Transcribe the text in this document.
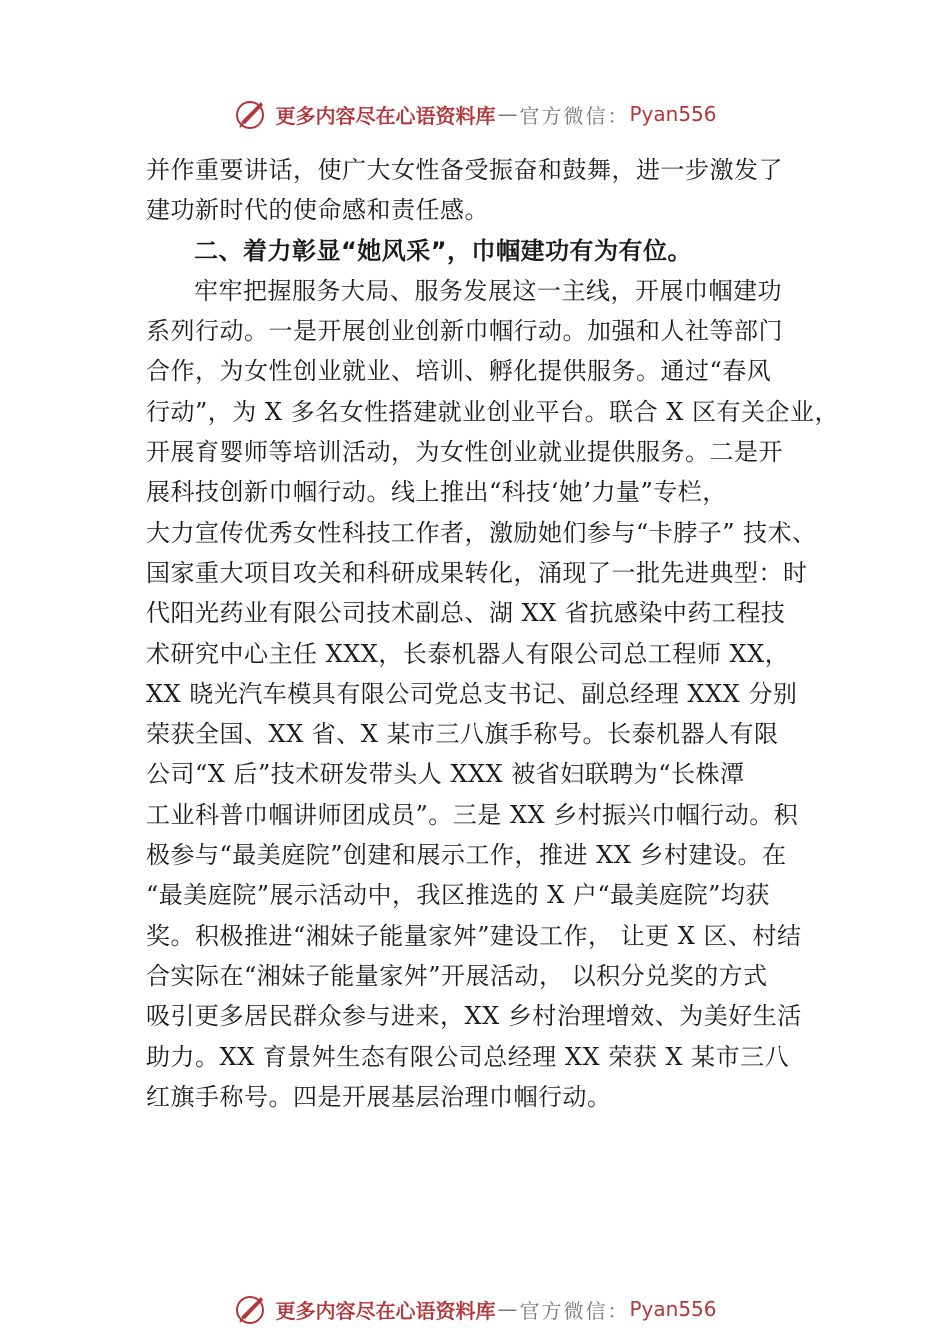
更多内容尽在心语资料库 — 官方微信： Pyan556
并作重要讲话，使广大女性备受振奋和鼓舞，进一步激发了
建功新时代的使命感和责任感。
二、着力彰显“她风采”，巾帼建功有为有位。
牢牢把握服务大局、服务发展这一主线，开展巾帼建功
系列行动。一是开展创业创新巾帼行动。加强和人社等部门
合作，为女性创业就业、培训、孵化提供服务。通过“春风
行动”，为 X 多名女性搭建就业创业平台。联合 X 区有关企业，
开展育婴师等培训活动，为女性创业就业提供服务。二是开
展科技创新巾帼行动。线上推出“科技‘她’力量”专栏，
大力宣传优秀女性科技工作者，激励她们参与“卡脖子” 技术、
国家重大项目攻关和科研成果转化，涌现了一批先进典型：时
代阳光药业有限公司技术副总、湖 XX 省抗感染中药工程技
术研究中心主任 XXX，长泰机器人有限公司总工程师 XX，
XX 晓光汽车模具有限公司党总支书记、副总经理 XXX 分别
荣获全国、XX 省、X 某市三八旗手称号。长泰机器人有限
公司“X 后”技术研发带头人 XXX 被省妇联聘为“长株潭
工业科普巾帼讲师团成员”。三是 XX 乡村振兴巾帼行动。积
极参与“最美庭院”创建和展示工作，推进 XX 乡村建设。在
“最美庭院”展示活动中，我区推选的 X 户“最美庭院”均获
奖。积极推进“湘妹子能量家⾇”建设工作， 让更 X 区、村结
合实际在“湘妹子能量家⾇”开展活动， 以积分兑奖的方式
吸引更多居民群众参与进来，XX 乡村治理增效、为美好生活
助力。XX 育景⾇生态有限公司总经理 XX 荣获 X 某市三八
红旗手称号。四是开展基层治理巾帼行动。
更多内容尽在心语资料库 — 官方微信： Pyan556
